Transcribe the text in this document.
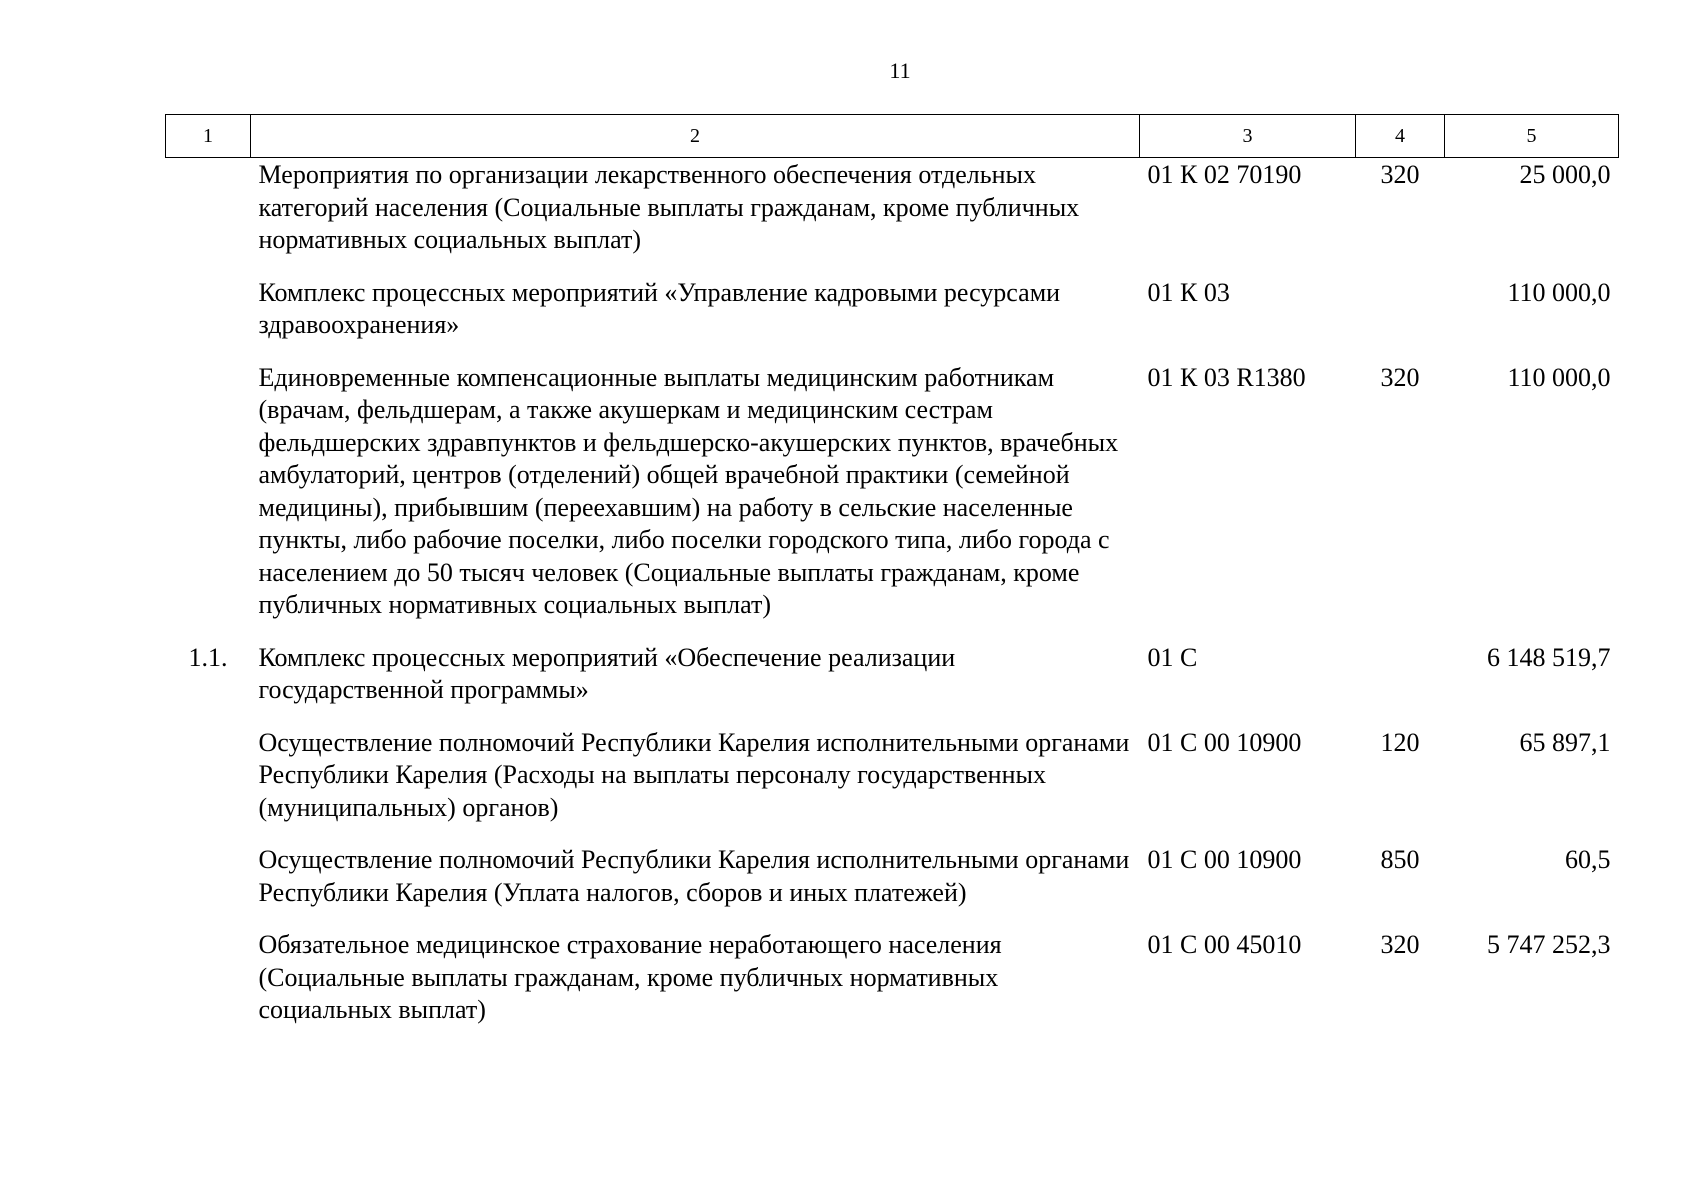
11
1	2	3	4	5
	Мероприятия по организации лекарственного обеспечения отдельных категорий населения (Социальные выплаты гражданам, кроме публичных нормативных социальных выплат)	01 К 02 70190	320	25 000,0
	Комплекс процессных мероприятий «Управление кадровыми ресурсами здравоохранения»	01 К 03		110 000,0
	Единовременные компенсационные выплаты медицинским работникам (врачам, фельдшерам, а также акушеркам и медицинским сестрам фельдшерских здравпунктов и фельдшерско-акушерских пунктов, врачебных амбулаторий, центров (отделений) общей врачебной практики (семейной медицины), прибывшим (переехавшим) на работу в сельские населенные пункты, либо рабочие поселки, либо поселки городского типа, либо города с населением до 50 тысяч человек (Социальные выплаты гражданам, кроме публичных нормативных социальных выплат)	01 К 03 R1380	320	110 000,0
1.1.	Комплекс процессных мероприятий «Обеспечение реализации государственной программы»	01 С		6 148 519,7
	Осуществление полномочий Республики Карелия исполнительными органами Республики Карелия (Расходы на выплаты персоналу государственных (муниципальных) органов)	01 С 00 10900	120	65 897,1
	Осуществление полномочий Республики Карелия исполнительными органами Республики Карелия (Уплата налогов, сборов и иных платежей)	01 С 00 10900	850	60,5
	Обязательное медицинское страхование неработающего населения (Социальные выплаты гражданам, кроме публичных нормативных социальных выплат)	01 С 00 45010	320	5 747 252,3
